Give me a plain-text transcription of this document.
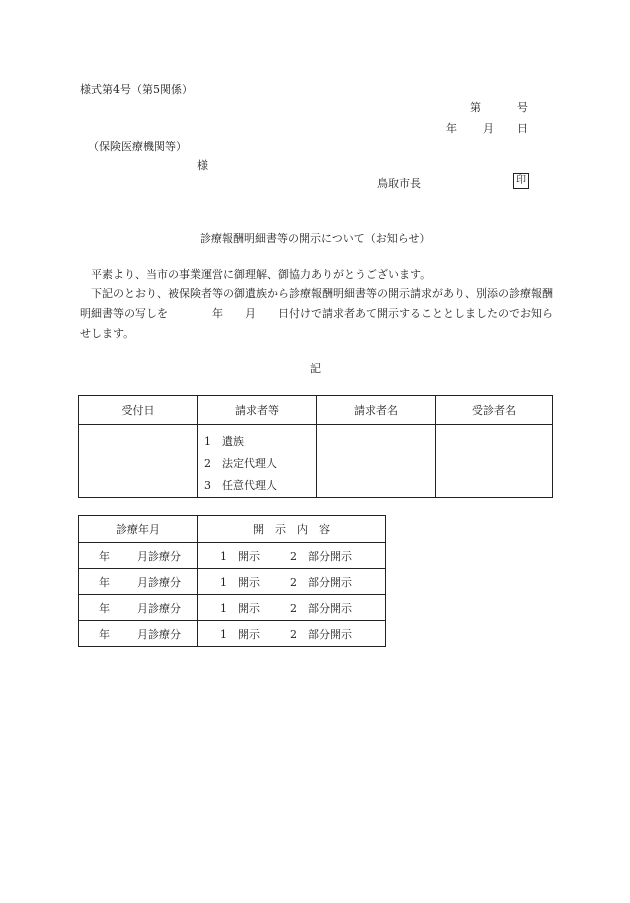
様式第4号（第5関係）
第	号
年 月 日
（保険医療機関等）
様
鳥取市長	印
診療報酬明細書等の開示について（お知らせ）
　平素より、当市の事業運営に御理解、御協力ありがとうございます。
　下記のとおり、被保険者等の御遺族から診療報酬明細書等の開示請求があり、別添の診療報酬明細書等の写しを　　　　年　　月　　日付けで請求者あて開示することとしましたのでお知らせします。
記
受付日	請求者等	請求者名	受診者名

	1 遺族
2 法定代理人
3 任意代理人		

診療年月	開　示　内　容
年 月診療分	1　 開示 2　 部分開示
年 月診療分	1　 開示 2　 部分開示
年 月診療分	1　 開示 2　 部分開示
年 月診療分	1　 開示 2　 部分開示
